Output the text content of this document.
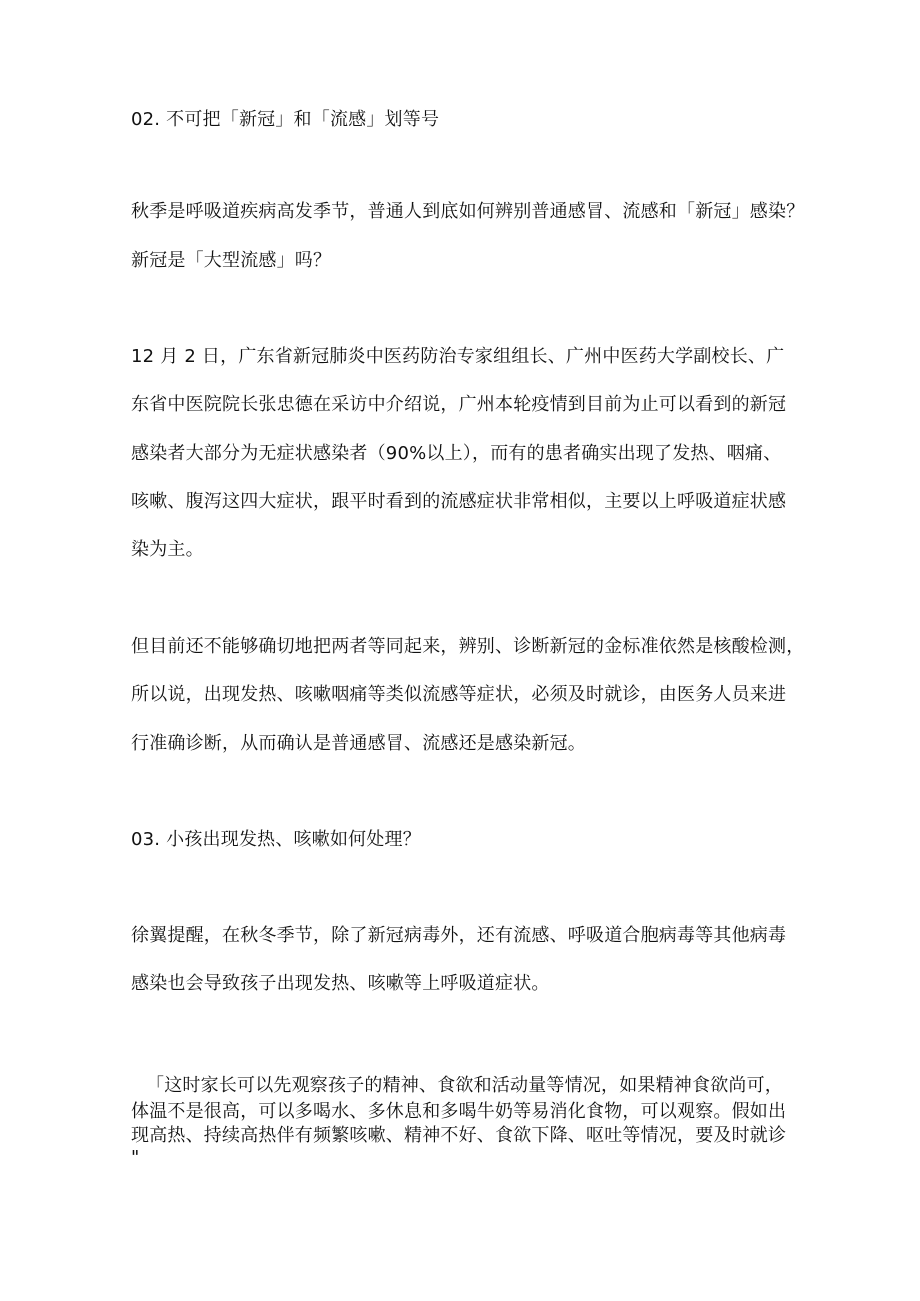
02. 不可把「新冠」和「流感」划等号
秋季是呼吸道疾病高发季节，普通人到底如何辨别普通感冒、流感和「新冠」感染？
新冠是「大型流感」吗？
12 月 2 日，广东省新冠肺炎中医药防治专家组组长、广州中医药大学副校长、广
东省中医院院长张忠德在采访中介绍说，广州本轮疫情到目前为止可以看到的新冠
感染者大部分为无症状感染者（90%以上），而有的患者确实出现了发热、咽痛、
咳嗽、腹泻这四大症状，跟平时看到的流感症状非常相似，主要以上呼吸道症状感
染为主。
但目前还不能够确切地把两者等同起来，辨别、诊断新冠的金标准依然是核酸检测，
所以说，出现发热、咳嗽咽痛等类似流感等症状，必须及时就诊，由医务人员来进
行准确诊断，从而确认是普通感冒、流感还是感染新冠。
03. 小孩出现发热、咳嗽如何处理？
徐翼提醒，在秋冬季节，除了新冠病毒外，还有流感、呼吸道合胞病毒等其他病毒
感染也会导致孩子出现发热、咳嗽等上呼吸道症状。
「这时家长可以先观察孩子的精神、食欲和活动量等情况，如果精神食欲尚可，
体温不是很高，可以多喝水、多休息和多喝牛奶等易消化食物，可以观察。假如出
现高热、持续高热伴有频繁咳嗽、精神不好、食欲下降、呕吐等情况，要及时就诊
"
